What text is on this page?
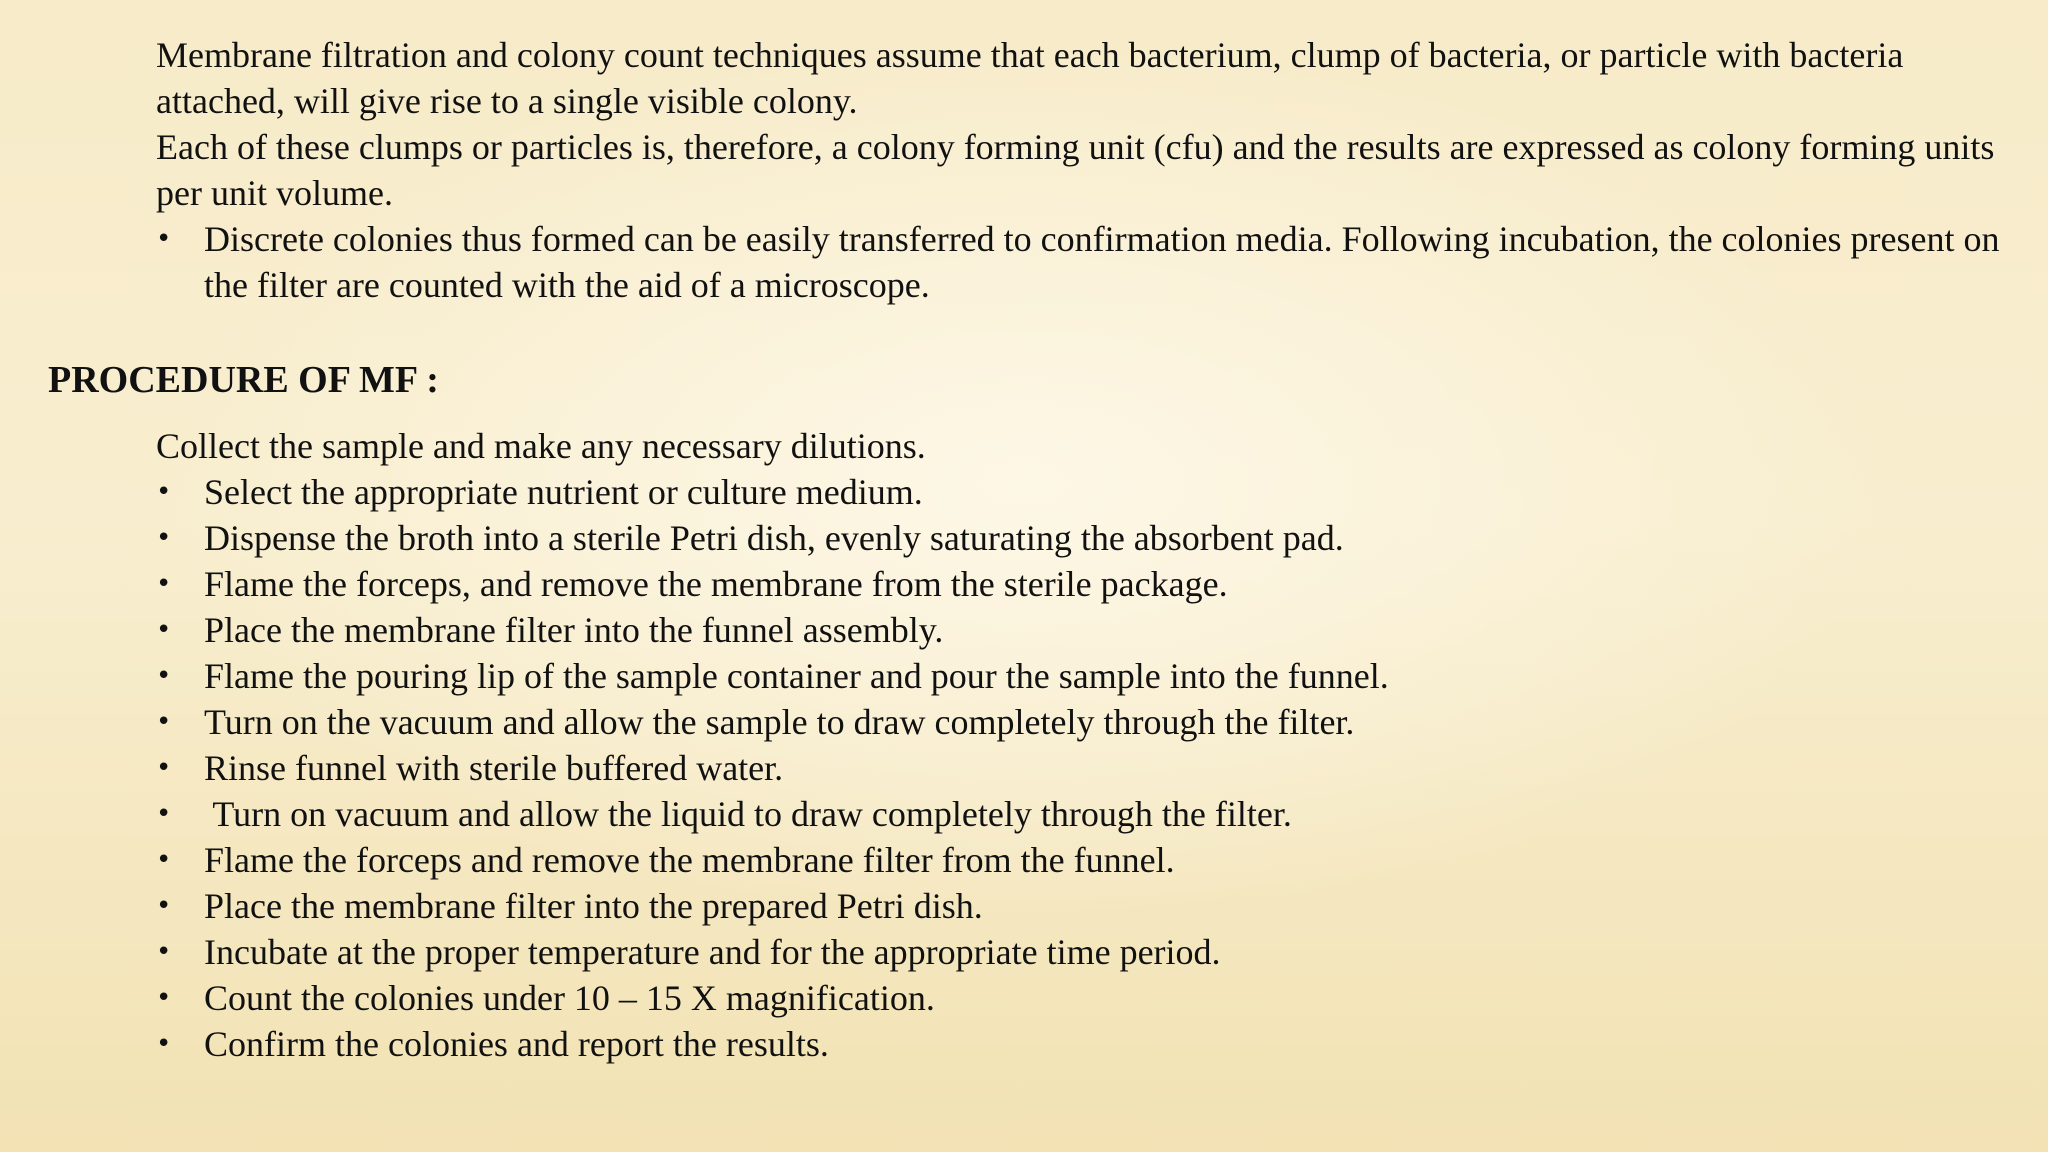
Membrane filtration and colony count techniques assume that each bacterium, clump of bacteria, or particle with bacteria attached, will give rise to a single visible colony.

Each of these clumps or particles is, therefore, a colony forming unit (cfu) and the results are expressed as colony forming units per unit volume.

• Discrete colonies thus formed can be easily transferred to confirmation media. Following incubation, the colonies present on the filter are counted with the aid of a microscope.

PROCEDURE OF MF :

Collect the sample and make any necessary dilutions.

• Select the appropriate nutrient or culture medium.

• Dispense the broth into a sterile Petri dish, evenly saturating the absorbent pad.

• Flame the forceps, and remove the membrane from the sterile package.

• Place the membrane filter into the funnel assembly.

• Flame the pouring lip of the sample container and pour the sample into the funnel.

• Turn on the vacuum and allow the sample to draw completely through the filter.

• Rinse funnel with sterile buffered water.

• Turn on vacuum and allow the liquid to draw completely through the filter.

• Flame the forceps and remove the membrane filter from the funnel.

• Place the membrane filter into the prepared Petri dish.

• Incubate at the proper temperature and for the appropriate time period.

• Count the colonies under 10 – 15 X magnification.

• Confirm the colonies and report the results.
